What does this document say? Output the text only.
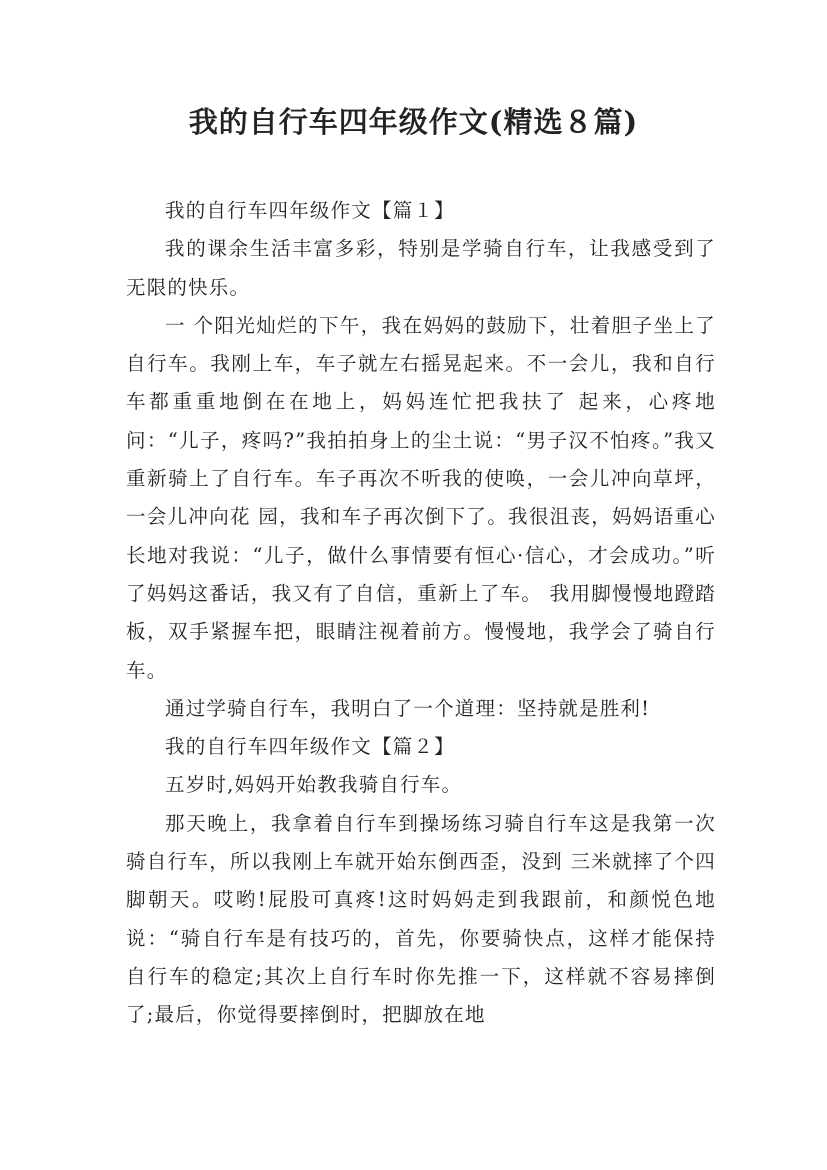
我的自行车四年级作文(精选８篇)

我的自行车四年级作文【篇１】

我的课余生活丰富多彩，特别是学骑自行车，让我感受到了无限的快乐。

一 个阳光灿烂的下午，我在妈妈的鼓励下，壮着胆子坐上了自行车。我刚上车，车子就左右摇晃起来。不一会儿，我和自行车都重重地倒在在地上，妈妈连忙把我扶了 起来，心疼地问：“儿子，疼吗?”我拍拍身上的尘土说：“男子汉不怕疼。”我又重新骑上了自行车。车子再次不听我的使唤，一会儿冲向草坪，一会儿冲向花 园，我和车子再次倒下了。我很沮丧，妈妈语重心长地对我说：“儿子，做什么事情要有恒心·信心，才会成功。”听了妈妈这番话，我又有了自信，重新上了车。 我用脚慢慢地蹬踏板，双手紧握车把，眼睛注视着前方。慢慢地，我学会了骑自行车。

通过学骑自行车，我明白了一个道理：坚持就是胜利!

我的自行车四年级作文【篇２】

五岁时,妈妈开始教我骑自行车。

那天晚上，我拿着自行车到操场练习骑自行车这是我第一次骑自行车，所以我刚上车就开始东倒西歪，没到 三米就摔了个四脚朝天。哎哟!屁股可真疼!这时妈妈走到我跟前，和颜悦色地说：“骑自行车是有技巧的，首先，你要骑快点，这样才能保持自行车的稳定;其次上自行车时你先推一下，这样就不容易摔倒了;最后，你觉得要摔倒时，把脚放在地
